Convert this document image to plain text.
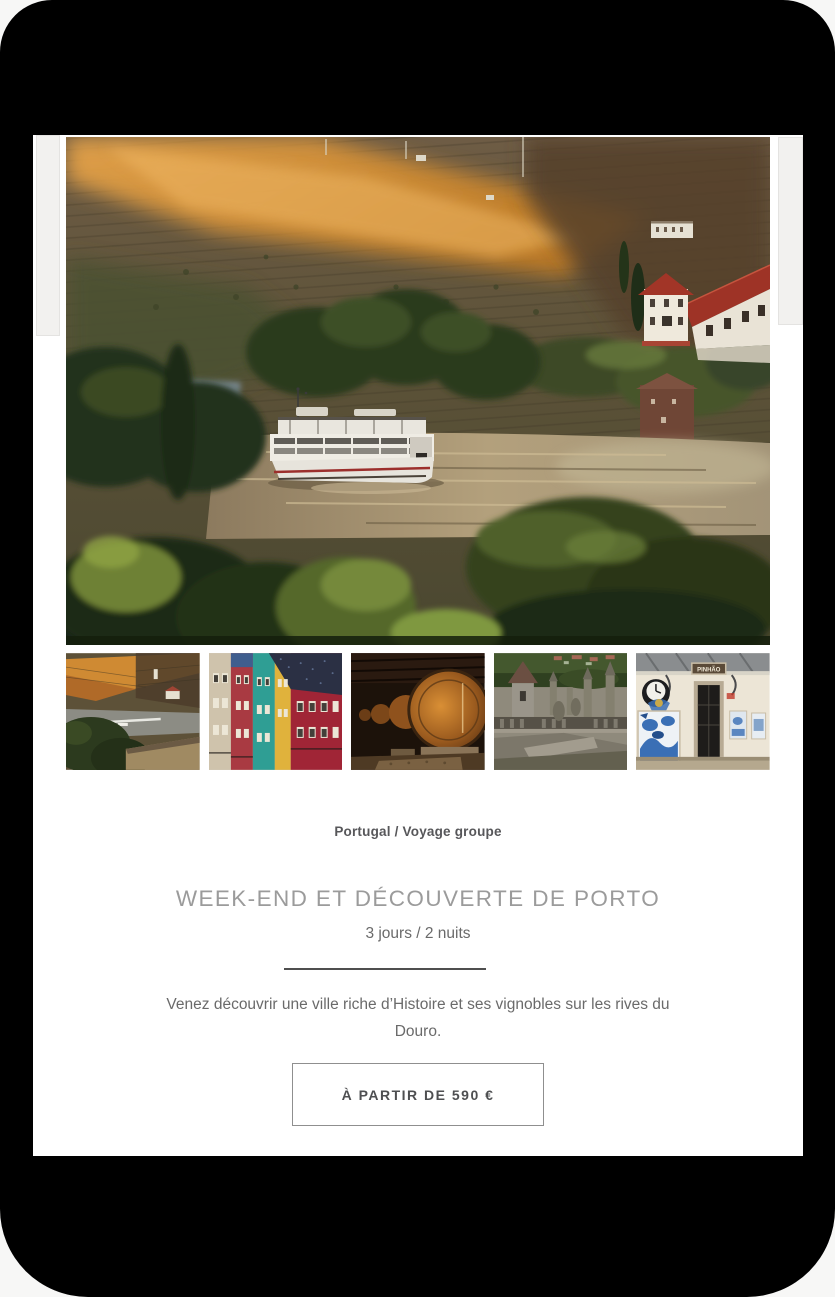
PINHÃO
Portugal / Voyage groupe
WEEK-END ET DÉCOUVERTE DE PORTO
3 jours / 2 nuits
Venez découvrir une ville riche d’Histoire et ses vignobles sur les rives du Douro.
À PARTIR DE 590 €
